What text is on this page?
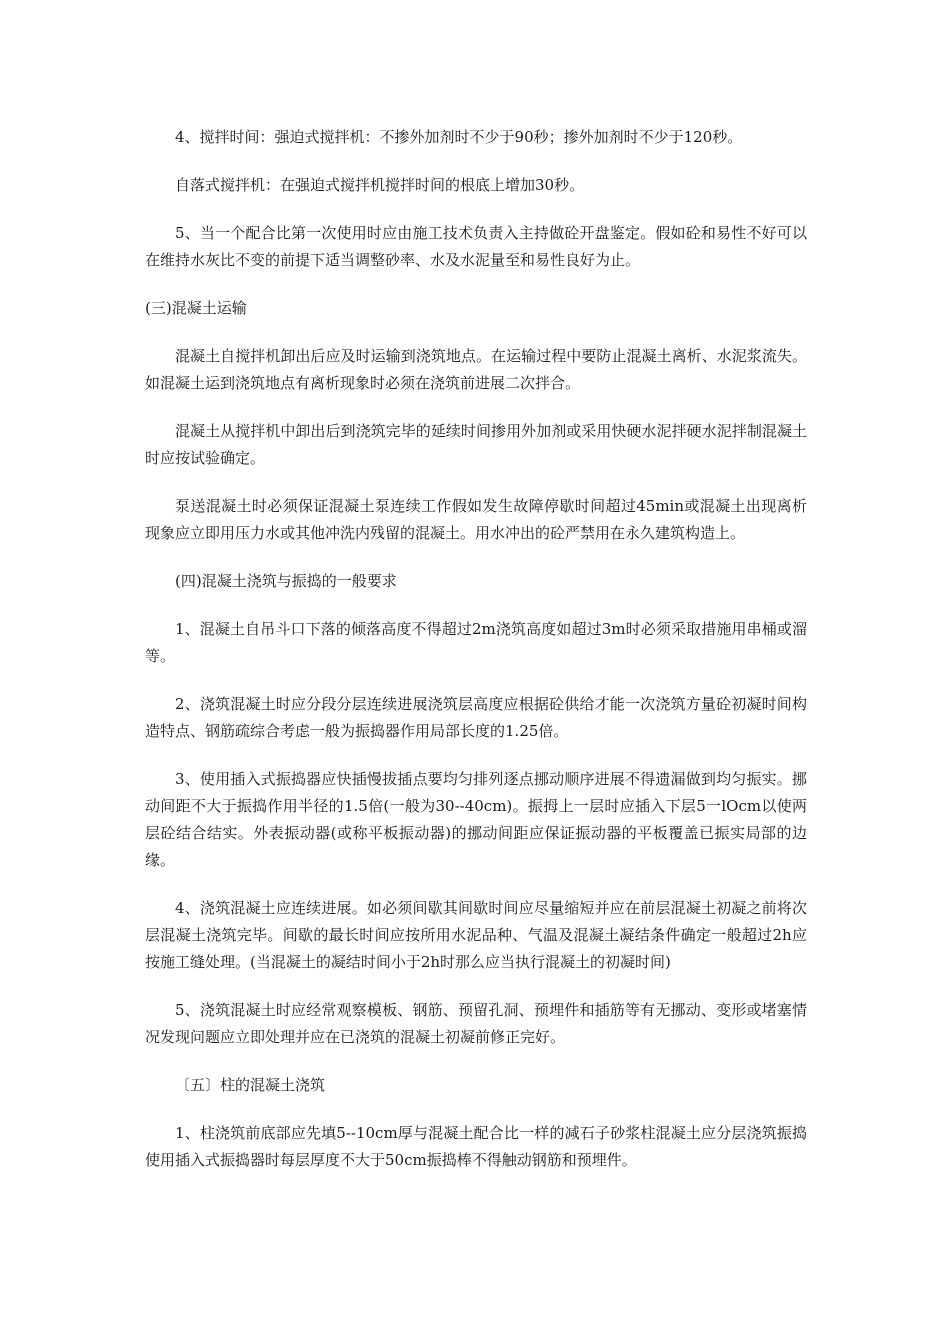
4、搅拌时间：强迫式搅拌机：不掺外加剂时不少于90秒；掺外加剂时不少于120秒。

自落式搅拌机：在强迫式搅拌机搅拌时间的根底上增加30秒。

5、当一个配合比第一次使用时应由施工技术负责入主持做砼开盘鉴定。假如砼和易性不好可以在维持水灰比不变的前提下适当调整砂率、水及水泥量至和易性良好为止。

(三)混凝土运输

混凝土自搅拌机卸出后应及时运输到浇筑地点。在运输过程中要防止混凝土离析、水泥浆流失。如混凝土运到浇筑地点有离析现象时必须在浇筑前进展二次拌合。

混凝土从搅拌机中卸出后到浇筑完毕的延续时间掺用外加剂或采用快硬水泥拌硬水泥拌制混凝土时应按试验确定。

泵送混凝土时必须保证混凝土泵连续工作假如发生故障停歇时间超过45min或混凝土出现离析现象应立即用压力水或其他冲洗内残留的混凝土。用水冲出的砼严禁用在永久建筑构造上。

(四)混凝土浇筑与振捣的一般要求

1、混凝土自吊斗口下落的倾落高度不得超过2m浇筑高度如超过3m时必须采取措施用串桶或溜等。

2、浇筑混凝土时应分段分层连续进展浇筑层高度应根据砼供给才能一次浇筑方量砼初凝时间构造特点、钢筋疏综合考虑一般为振捣器作用局部长度的1.25倍。

3、使用插入式振捣器应快插慢拔插点要均匀排列逐点挪动顺序进展不得遗漏做到均匀振实。挪动间距不大于振捣作用半径的1.5倍(一般为30--40cm)。振拇上一层时应插入下层5一lOcm以使两层砼结合结实。外表振动器(或称平板振动器)的挪动间距应保证振动器的平板覆盖已振实局部的边缘。

4、浇筑混凝土应连续进展。如必须间歇其间歇时间应尽量缩短并应在前层混凝土初凝之前将次层混凝土浇筑完毕。间歇的最长时间应按所用水泥品种、气温及混凝土凝结条件确定一般超过2h应按施工缝处理。(当混凝土的凝结时间小于2h时那么应当执行混凝土的初凝时间)

5、浇筑混凝土时应经常观察模板、钢筋、预留孔洞、预埋件和插筋等有无挪动、变形或堵塞情况发现问题应立即处理并应在已浇筑的混凝土初凝前修正完好。

〔五〕柱的混凝土浇筑

1、柱浇筑前底部应先填5--10cm厚与混凝土配合比一样的减石子砂浆柱混凝土应分层浇筑振捣使用插入式振捣器时每层厚度不大于50cm振捣棒不得触动钢筋和预埋件。
